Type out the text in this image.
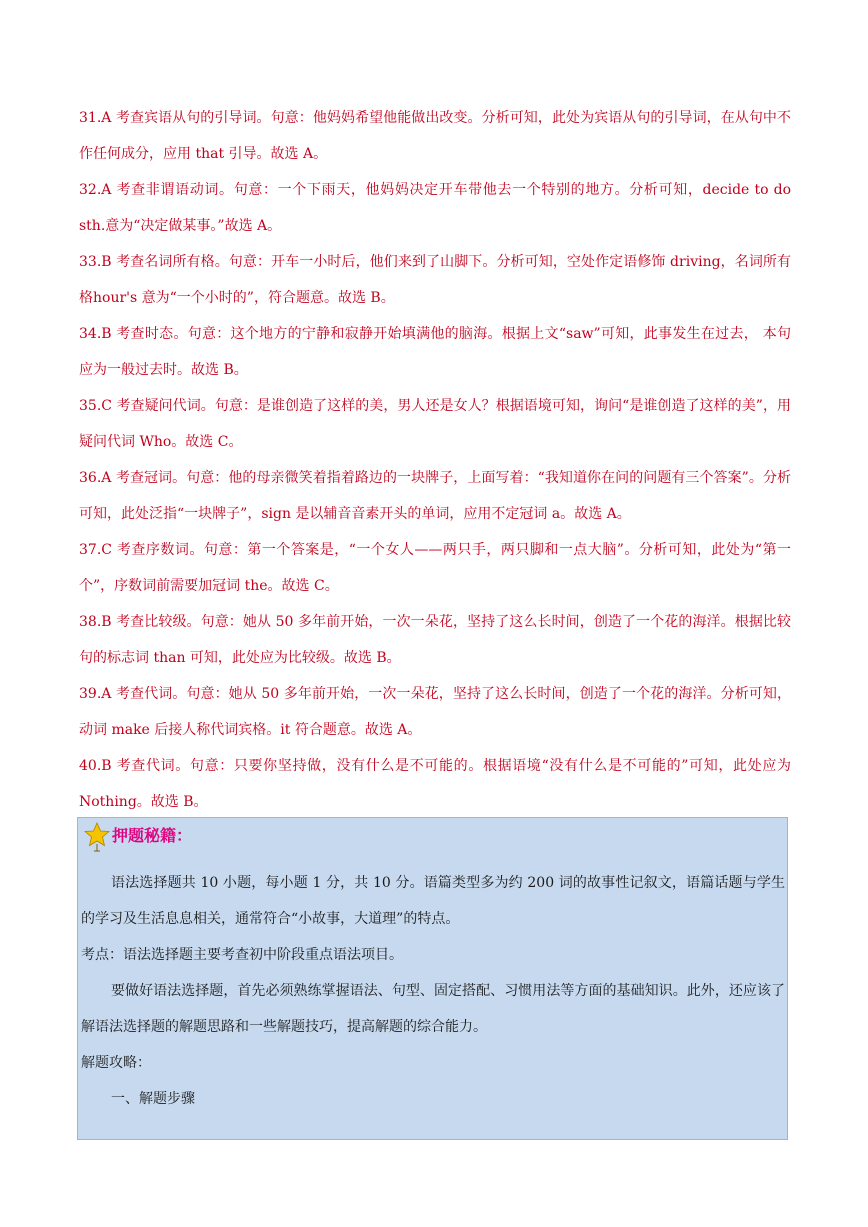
31.A 考查宾语从句的引导词。句意：他妈妈希望他能做出改变。分析可知，此处为宾语从句的引导词，在从句中不作任何成分，应用 that 引导。故选 A。

32.A 考查非谓语动词。句意：一个下雨天，他妈妈决定开车带他去一个特别的地方。分析可知，decide to do sth.意为“决定做某事。”故选 A。

33.B 考查名词所有格。句意：开车一小时后，他们来到了山脚下。分析可知，空处作定语修饰 driving，名词所有格hour's 意为“一个小时的”，符合题意。故选 B。

34.B 考查时态。句意：这个地方的宁静和寂静开始填满他的脑海。根据上文“saw”可知，此事发生在过去， 本句应为一般过去时。故选 B。

35.C 考查疑问代词。句意：是谁创造了这样的美，男人还是女人？根据语境可知，询问“是谁创造了这样的美”，用疑问代词 Who。故选 C。

36.A 考查冠词。句意：他的母亲微笑着指着路边的一块牌子，上面写着：“我知道你在问的问题有三个答案”。分析可知，此处泛指“一块牌子”，sign 是以辅音音素开头的单词，应用不定冠词 a。故选 A。

37.C 考查序数词。句意：第一个答案是，“一个女人——两只手，两只脚和一点大脑”。分析可知，此处为“第一个”，序数词前需要加冠词 the。故选 C。

38.B 考查比较级。句意：她从 50 多年前开始，一次一朵花，坚持了这么长时间，创造了一个花的海洋。根据比较句的标志词 than 可知，此处应为比较级。故选 B。

39.A 考查代词。句意：她从 50 多年前开始，一次一朵花，坚持了这么长时间，创造了一个花的海洋。分析可知，动词 make 后接人称代词宾格。it 符合题意。故选 A。

40.B 考查代词。句意：只要你坚持做，没有什么是不可能的。根据语境“没有什么是不可能的”可知，此处应为 Nothing。故选 B。

押题秘籍：

语法选择题共 10 小题，每小题 1 分，共 10 分。语篇类型多为约 200 词的故事性记叙文，语篇话题与学生的学习及生活息息相关，通常符合“小故事，大道理”的特点。

考点：语法选择题主要考查初中阶段重点语法项目。

要做好语法选择题，首先必须熟练掌握语法、句型、固定搭配、习惯用法等方面的基础知识。此外，还应该了解语法选择题的解题思路和一些解题技巧，提高解题的综合能力。

解题攻略：

一、解题步骤
